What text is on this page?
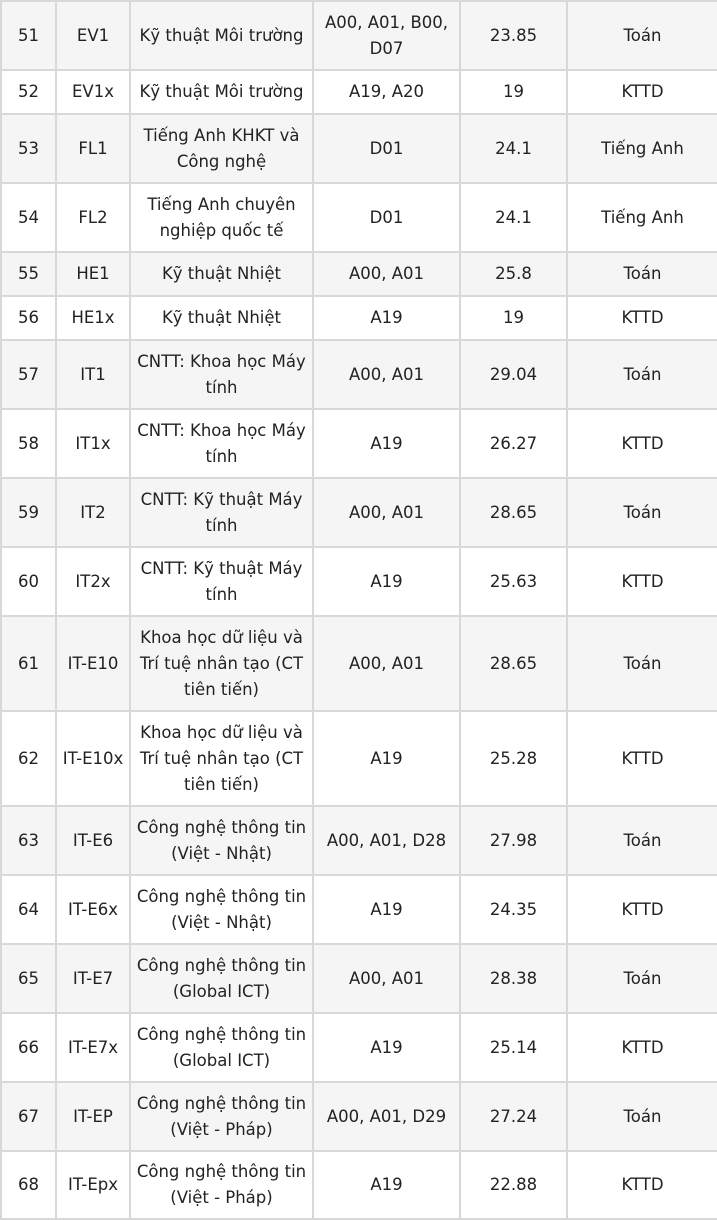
51	EV1	Kỹ thuật Môi trường	A00, A01, B00, D07	23.85	Toán
52	EV1x	Kỹ thuật Môi trường	A19, A20	19	KTTD
53	FL1	Tiếng Anh KHKT và Công nghệ	D01	24.1	Tiếng Anh
54	FL2	Tiếng Anh chuyên nghiệp quốc tế	D01	24.1	Tiếng Anh
55	HE1	Kỹ thuật Nhiệt	A00, A01	25.8	Toán
56	HE1x	Kỹ thuật Nhiệt	A19	19	KTTD
57	IT1	CNTT: Khoa học Máy tính	A00, A01	29.04	Toán
58	IT1x	CNTT: Khoa học Máy tính	A19	26.27	KTTD
59	IT2	CNTT: Kỹ thuật Máy tính	A00, A01	28.65	Toán
60	IT2x	CNTT: Kỹ thuật Máy tính	A19	25.63	KTTD
61	IT-E10	Khoa học dữ liệu và Trí tuệ nhân tạo (CT tiên tiến)	A00, A01	28.65	Toán
62	IT-E10x	Khoa học dữ liệu và Trí tuệ nhân tạo (CT tiên tiến)	A19	25.28	KTTD
63	IT-E6	Công nghệ thông tin (Việt - Nhật)	A00, A01, D28	27.98	Toán
64	IT-E6x	Công nghệ thông tin (Việt - Nhật)	A19	24.35	KTTD
65	IT-E7	Công nghệ thông tin (Global ICT)	A00, A01	28.38	Toán
66	IT-E7x	Công nghệ thông tin (Global ICT)	A19	25.14	KTTD
67	IT-EP	Công nghệ thông tin (Việt - Pháp)	A00, A01, D29	27.24	Toán
68	IT-Epx	Công nghệ thông tin (Việt - Pháp)	A19	22.88	KTTD
